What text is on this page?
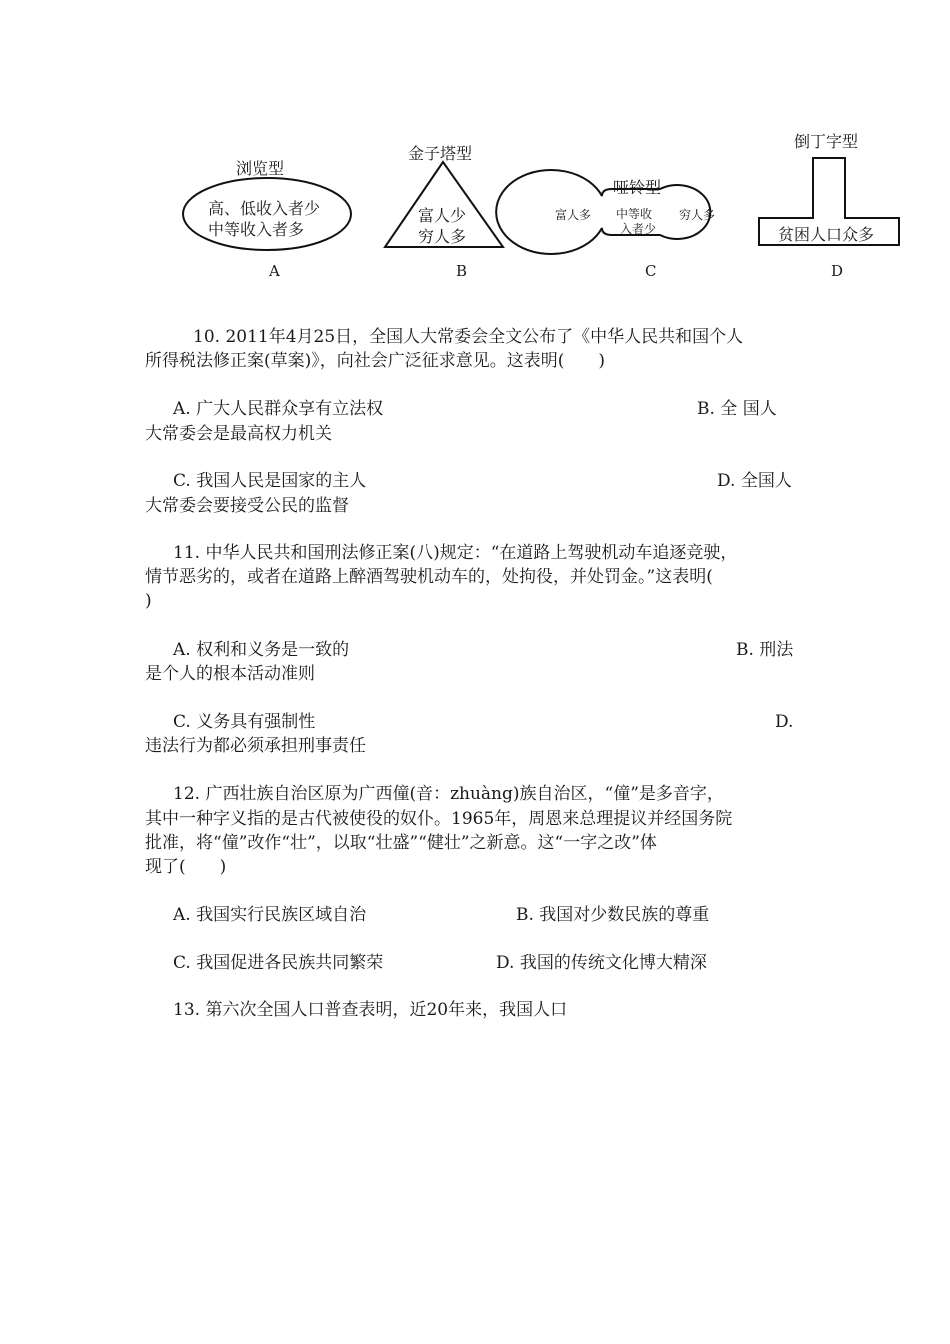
浏览型
高、低收入者少
中等收入者多
A
金子塔型
富人少
穷人多
B
哑铃型
富人多 中等收
入者少
穷人多
C
倒丁字型
贫困人口众多
D
10. 2011年4月25日，全国人大常委会全文公布了《中华人民共和国个人
所得税法修正案(草案)》，向社会广泛征求意见。这表明(　　)
A. 广大人民群众享有立法权	B. 全 国人
大常委会是最高权力机关
C. 我国人民是国家的主人	D. 全国人
大常委会要接受公民的监督
11. 中华人民共和国刑法修正案(八)规定：“在道路上驾驶机动车追逐竞驶，
情节恶劣的，或者在道路上醉酒驾驶机动车的，处拘役，并处罚金。”这表明(
)
A. 权利和义务是一致的	B. 刑法
是个人的根本活动准则
C. 义务具有强制性	D.
违法行为都必须承担刑事责任
12. 广西壮族自治区原为广西僮(音：zhuàng)族自治区，“僮”是多音字，
其中一种字义指的是古代被使役的奴仆。1965年，周恩来总理提议并经国务院
批准，将“僮”改作“壮”，以取“壮盛”“健壮”之新意。这“一字之改”体
现了(　　)
A. 我国实行民族区域自治	B. 我国对少数民族的尊重
C. 我国促进各民族共同繁荣	D. 我国的传统文化博大精深
13. 第六次全国人口普查表明，近20年来，我国人口
